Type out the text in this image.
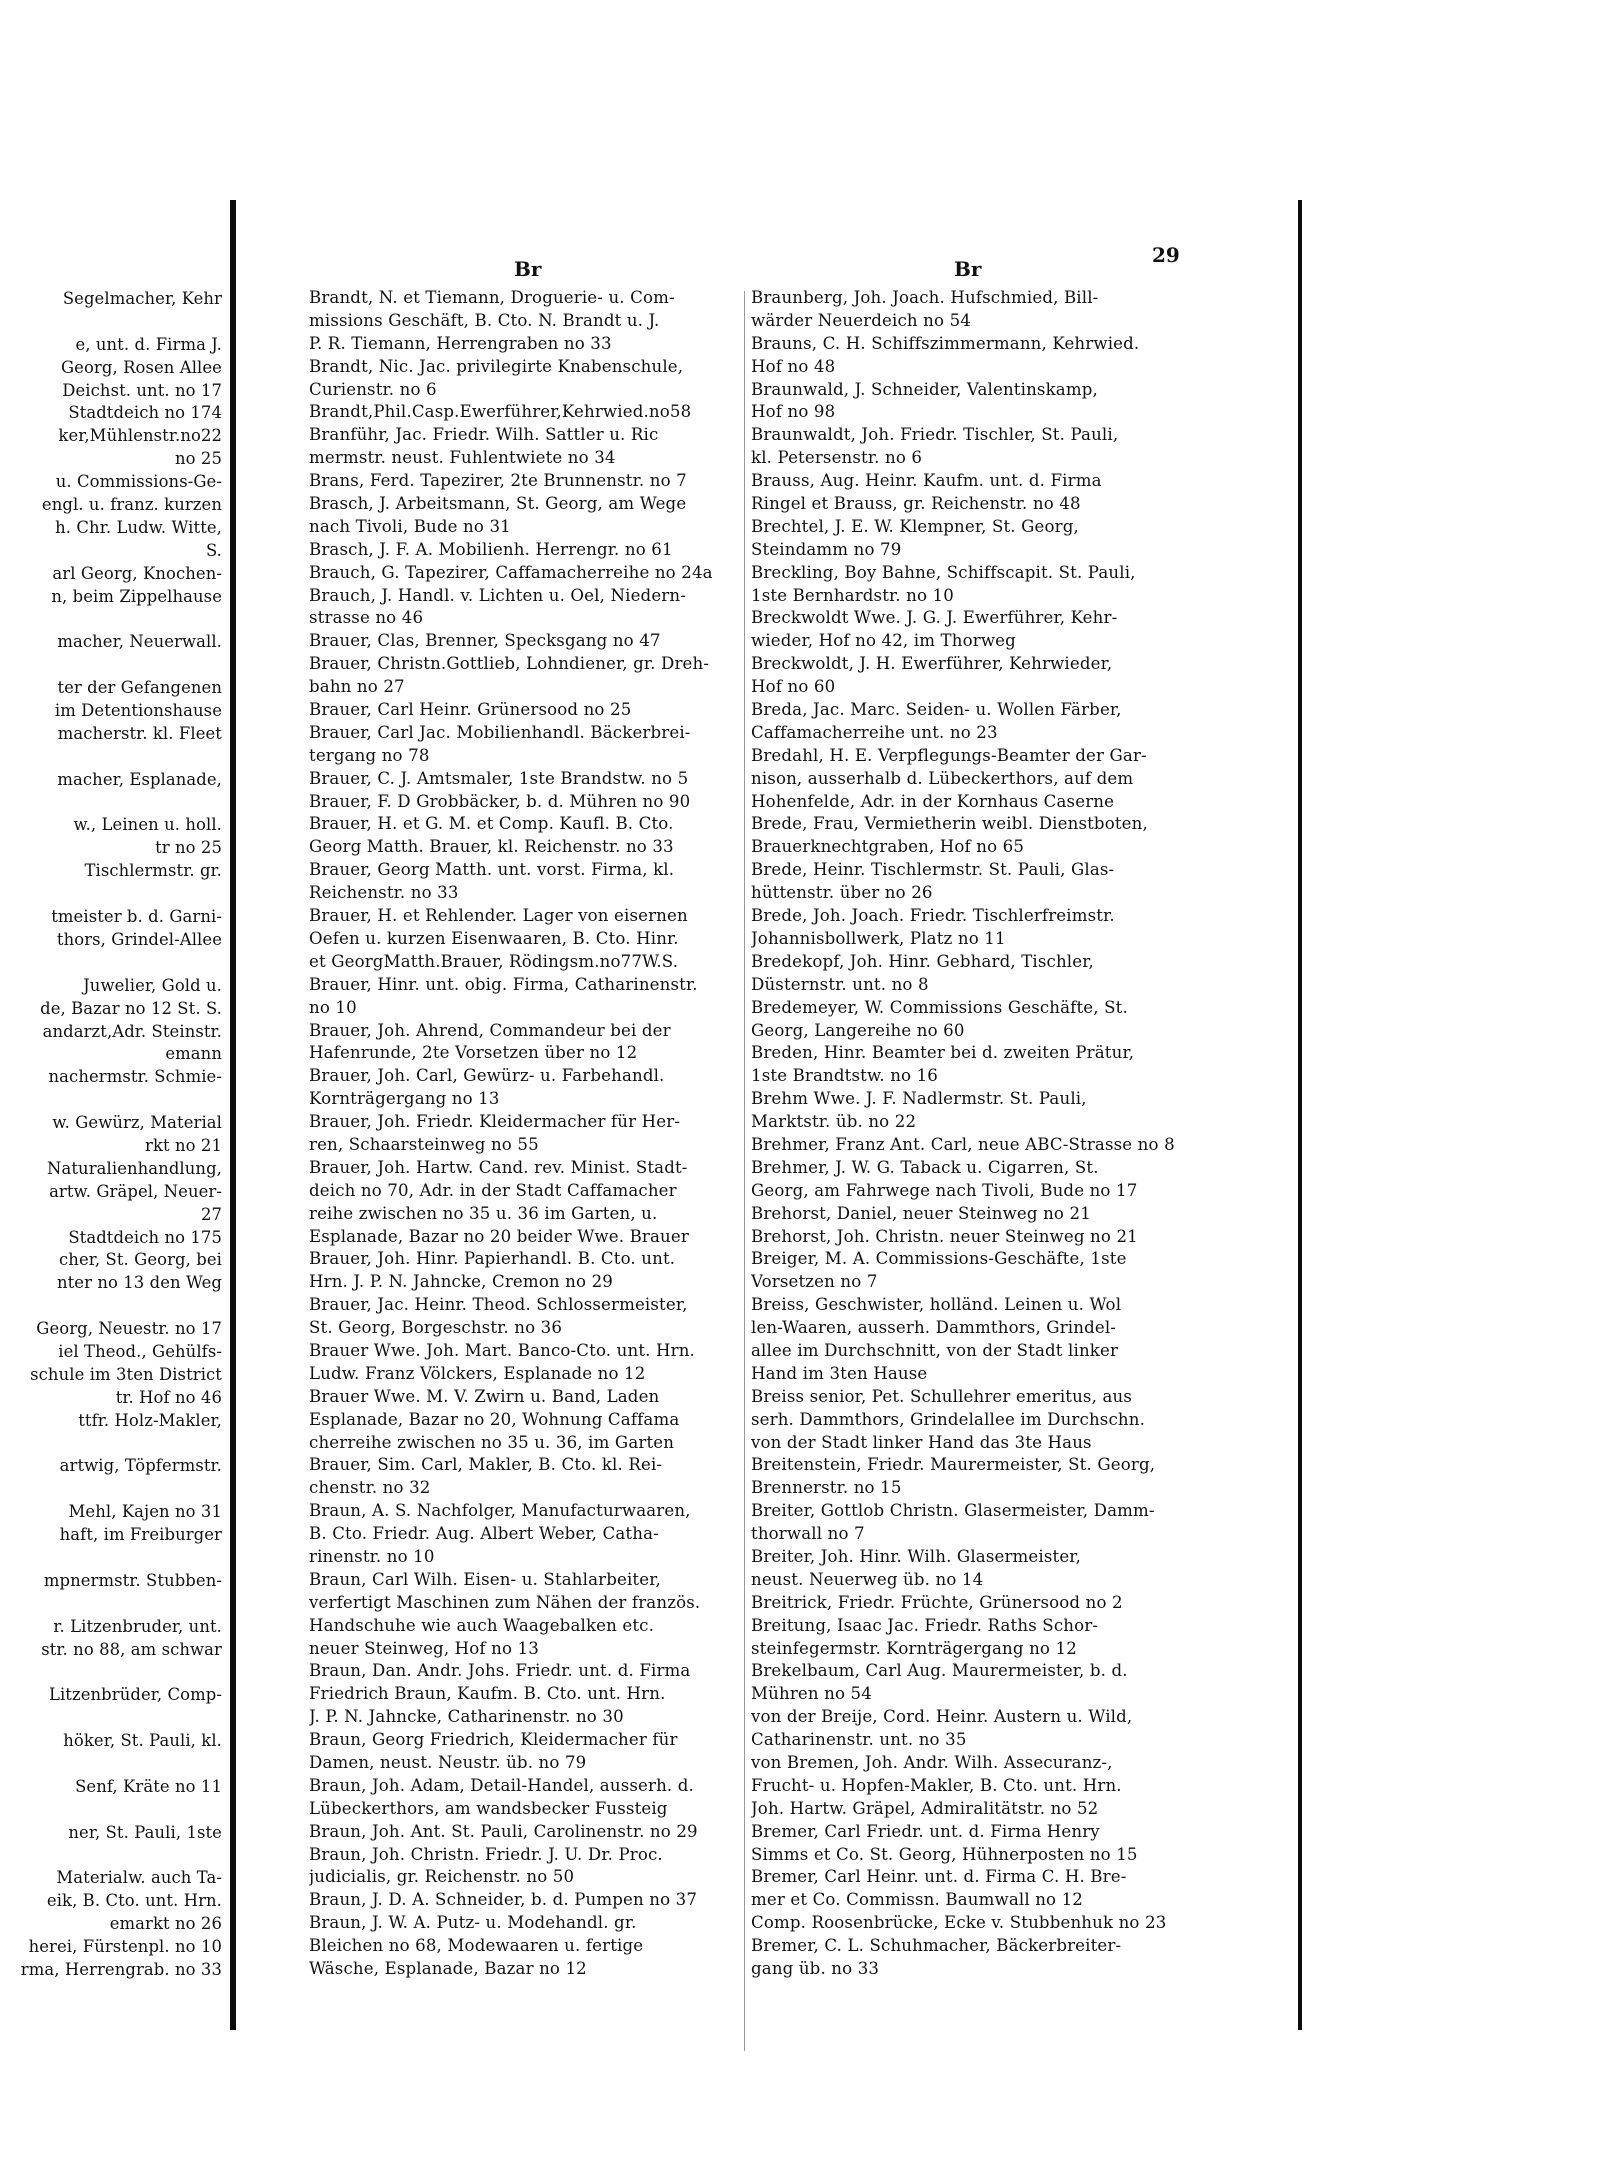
Segelmacher, Kehr
e, unt. d. Firma J.
Georg, Rosen Allee
Deichst. unt. no 17
Stadtdeich no 174
ker,Mühlenstr.no22
no 25
u. Commissions-Ge-
engl. u. franz. kurzen
h. Chr. Ludw. Witte,
S.
arl Georg, Knochen-
n, beim Zippelhause
macher, Neuerwall.
ter der Gefangenen
im Detentionshause
macherstr. kl. Fleet
macher, Esplanade,
w., Leinen u. holl.
tr no 25
Tischlermstr. gr.
tmeister b. d. Garni-
thors, Grindel-Allee
Juwelier, Gold u.
de, Bazar no 12 St. S.
andarzt,Adr. Steinstr.
emann
nachermstr. Schmie-
w. Gewürz, Material
rkt no 21
Naturalienhandlung,
artw. Gräpel, Neuer-
27
Stadtdeich no 175
cher, St. Georg, bei
nter no 13 den Weg
Georg, Neuestr. no 17
iel Theod., Gehülfs-
schule im 3ten District
tr. Hof no 46
ttfr. Holz-Makler,
artwig, Töpfermstr.
Mehl, Kajen no 31
haft, im Freiburger
mpnermstr. Stubben-
r. Litzenbruder, unt.
str. no 88, am schwar
Litzenbrüder, Comp-
höker, St. Pauli, kl.
Senf, Kräte no 11
ner, St. Pauli, 1ste
Materialw. auch Ta-
eik, B. Cto. unt. Hrn.
emarkt no 26
herei, Fürstenpl. no 10
rma, Herrengrab. no 33
Br	Br
29
Brandt, N. et Tiemann, Droguerie- u. Com-
missions Geschäft, B. Cto. N. Brandt u. J.
P. R. Tiemann, Herrengraben no 33
Brandt, Nic. Jac. privilegirte Knabenschule,
Curienstr. no 6
Brandt,Phil.Casp.Ewerführer,Kehrwied.no58
Branführ, Jac. Friedr. Wilh. Sattler u. Ric
mermstr. neust. Fuhlentwiete no 34
Brans, Ferd. Tapezirer, 2te Brunnenstr. no 7
Brasch, J. Arbeitsmann, St. Georg, am Wege
nach Tivoli, Bude no 31
Brasch, J. F. A. Mobilienh. Herrengr. no 61
Brauch, G. Tapezirer, Caffamacherreihe no 24a
Brauch, J. Handl. v. Lichten u. Oel, Niedern-
strasse no 46
Brauer, Clas, Brenner, Specksgang no 47
Brauer, Christn.Gottlieb, Lohndiener, gr. Dreh-
bahn no 27
Brauer, Carl Heinr. Grünersood no 25
Brauer, Carl Jac. Mobilienhandl. Bäckerbrei-
tergang no 78
Brauer, C. J. Amtsmaler, 1ste Brandstw. no 5
Brauer, F. D Grobbäcker, b. d. Mühren no 90
Brauer, H. et G. M. et Comp. Kaufl. B. Cto.
Georg Matth. Brauer, kl. Reichenstr. no 33
Brauer, Georg Matth. unt. vorst. Firma, kl.
Reichenstr. no 33
Brauer, H. et Rehlender. Lager von eisernen
Oefen u. kurzen Eisenwaaren, B. Cto. Hinr.
et GeorgMatth.Brauer, Rödingsm.no77W.S.
Brauer, Hinr. unt. obig. Firma, Catharinenstr.
no 10
Brauer, Joh. Ahrend, Commandeur bei der
Hafenrunde, 2te Vorsetzen über no 12
Brauer, Joh. Carl, Gewürz- u. Farbehandl.
Kornträgergang no 13
Brauer, Joh. Friedr. Kleidermacher für Her-
ren, Schaarsteinweg no 55
Brauer, Joh. Hartw. Cand. rev. Minist. Stadt-
deich no 70, Adr. in der Stadt Caffamacher
reihe zwischen no 35 u. 36 im Garten, u.
Esplanade, Bazar no 20 beider Wwe. Brauer
Brauer, Joh. Hinr. Papierhandl. B. Cto. unt.
Hrn. J. P. N. Jahncke, Cremon no 29
Brauer, Jac. Heinr. Theod. Schlossermeister,
St. Georg, Borgeschstr. no 36
Brauer Wwe. Joh. Mart. Banco-Cto. unt. Hrn.
Ludw. Franz Völckers, Esplanade no 12
Brauer Wwe. M. V. Zwirn u. Band, Laden
Esplanade, Bazar no 20, Wohnung Caffama
cherreihe zwischen no 35 u. 36, im Garten
Brauer, Sim. Carl, Makler, B. Cto. kl. Rei-
chenstr. no 32
Braun, A. S. Nachfolger, Manufacturwaaren,
B. Cto. Friedr. Aug. Albert Weber, Catha-
rinenstr. no 10
Braun, Carl Wilh. Eisen- u. Stahlarbeiter,
verfertigt Maschinen zum Nähen der französ.
Handschuhe wie auch Waagebalken etc.
neuer Steinweg, Hof no 13
Braun, Dan. Andr. Johs. Friedr. unt. d. Firma
Friedrich Braun, Kaufm. B. Cto. unt. Hrn.
J. P. N. Jahncke, Catharinenstr. no 30
Braun, Georg Friedrich, Kleidermacher für
Damen, neust. Neustr. üb. no 79
Braun, Joh. Adam, Detail-Handel, ausserh. d.
Lübeckerthors, am wandsbecker Fussteig
Braun, Joh. Ant. St. Pauli, Carolinenstr. no 29
Braun, Joh. Christn. Friedr. J. U. Dr. Proc.
judicialis, gr. Reichenstr. no 50
Braun, J. D. A. Schneider, b. d. Pumpen no 37
Braun, J. W. A. Putz- u. Modehandl. gr.
Bleichen no 68, Modewaaren u. fertige
Wäsche, Esplanade, Bazar no 12
Braunberg, Joh. Joach. Hufschmied, Bill-
wärder Neuerdeich no 54
Brauns, C. H. Schiffszimmermann, Kehrwied.
Hof no 48
Braunwald, J. Schneider, Valentinskamp,
Hof no 98
Braunwaldt, Joh. Friedr. Tischler, St. Pauli,
kl. Petersenstr. no 6
Brauss, Aug. Heinr. Kaufm. unt. d. Firma
Ringel et Brauss, gr. Reichenstr. no 48
Brechtel, J. E. W. Klempner, St. Georg,
Steindamm no 79
Breckling, Boy Bahne, Schiffscapit. St. Pauli,
1ste Bernhardstr. no 10
Breckwoldt Wwe. J. G. J. Ewerführer, Kehr-
wieder, Hof no 42, im Thorweg
Breckwoldt, J. H. Ewerführer, Kehrwieder,
Hof no 60
Breda, Jac. Marc. Seiden- u. Wollen Färber,
Caffamacherreihe unt. no 23
Bredahl, H. E. Verpflegungs-Beamter der Gar-
nison, ausserhalb d. Lübeckerthors, auf dem
Hohenfelde, Adr. in der Kornhaus Caserne
Brede, Frau, Vermietherin weibl. Dienstboten,
Brauerknechtgraben, Hof no 65
Brede, Heinr. Tischlermstr. St. Pauli, Glas-
hüttenstr. über no 26
Brede, Joh. Joach. Friedr. Tischlerfreimstr.
Johannisbollwerk, Platz no 11
Bredekopf, Joh. Hinr. Gebhard, Tischler,
Düsternstr. unt. no 8
Bredemeyer, W. Commissions Geschäfte, St.
Georg, Langereihe no 60
Breden, Hinr. Beamter bei d. zweiten Prätur,
1ste Brandtstw. no 16
Brehm Wwe. J. F. Nadlermstr. St. Pauli,
Marktstr. üb. no 22
Brehmer, Franz Ant. Carl, neue ABC-Strasse no 8
Brehmer, J. W. G. Taback u. Cigarren, St.
Georg, am Fahrwege nach Tivoli, Bude no 17
Brehorst, Daniel, neuer Steinweg no 21
Brehorst, Joh. Christn. neuer Steinweg no 21
Breiger, M. A. Commissions-Geschäfte, 1ste
Vorsetzen no 7
Breiss, Geschwister, holländ. Leinen u. Wol
len-Waaren, ausserh. Dammthors, Grindel-
allee im Durchschnitt, von der Stadt linker
Hand im 3ten Hause
Breiss senior, Pet. Schullehrer emeritus, aus
serh. Dammthors, Grindelallee im Durchschn.
von der Stadt linker Hand das 3te Haus
Breitenstein, Friedr. Maurermeister, St. Georg,
Brennerstr. no 15
Breiter, Gottlob Christn. Glasermeister, Damm-
thorwall no 7
Breiter, Joh. Hinr. Wilh. Glasermeister,
neust. Neuerweg üb. no 14
Breitrick, Friedr. Früchte, Grünersood no 2
Breitung, Isaac Jac. Friedr. Raths Schor-
steinfegermstr. Kornträgergang no 12
Brekelbaum, Carl Aug. Maurermeister, b. d.
Mühren no 54
von der Breije, Cord. Heinr. Austern u. Wild,
Catharinenstr. unt. no 35
von Bremen, Joh. Andr. Wilh. Assecuranz-,
Frucht- u. Hopfen-Makler, B. Cto. unt. Hrn.
Joh. Hartw. Gräpel, Admiralitätstr. no 52
Bremer, Carl Friedr. unt. d. Firma Henry
Simms et Co. St. Georg, Hühnerposten no 15
Bremer, Carl Heinr. unt. d. Firma C. H. Bre-
mer et Co. Commissn. Baumwall no 12
Comp. Roosenbrücke, Ecke v. Stubbenhuk no 23
Bremer, C. L. Schuhmacher, Bäckerbreiter-
gang üb. no 33
